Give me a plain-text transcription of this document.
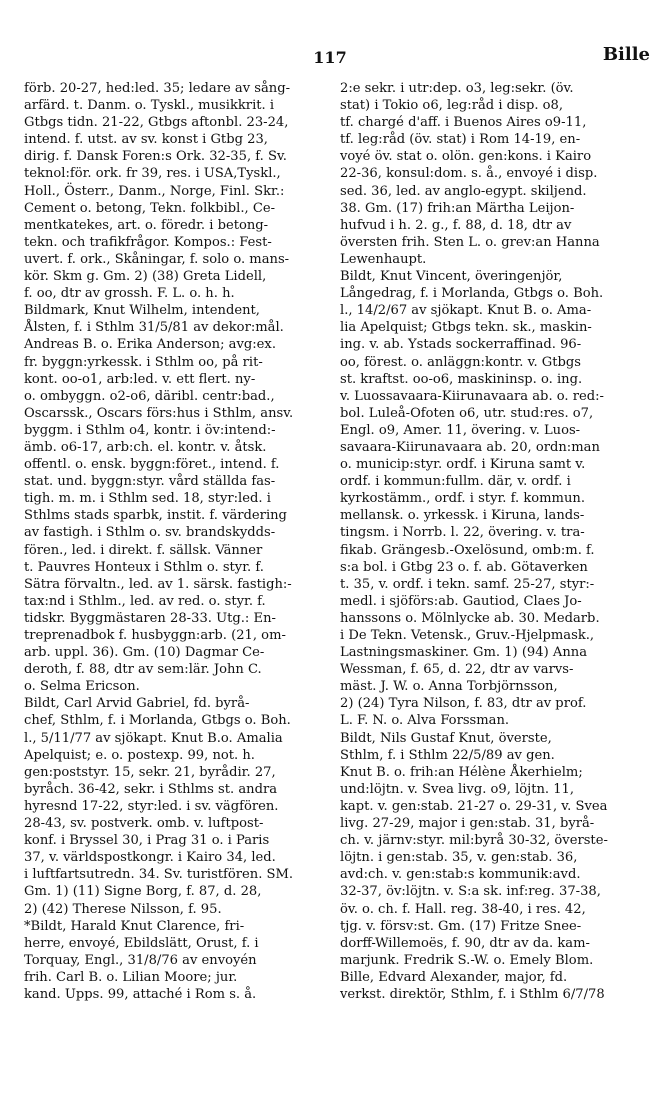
117	Bille

förb. 20-27, hed:led. 35; ledare av sång-

arfärd. t. Danm. o. Tyskl., musikkrit. i

Gtbgs tidn. 21-22, Gtbgs aftonbl. 23-24,

intend. f. utst. av sv. konst i Gtbg 23,

dirig. f. Dansk Foren:s Ork. 32-35, f. Sv.

teknol:för. ork. fr 39, res. i USA,Tyskl.,

Holl., Österr., Danm., Norge, Finl. Skr.:

Cement o. betong, Tekn. folkbibl., Ce-

mentkatekes, art. o. föredr. i betong-

tekn. och trafikfrågor. Kompos.: Fest-

uvert. f. ork., Skåningar, f. solo o. mans-

kör. Skm g. Gm. 2) (38) Greta Lidell,

f. oo, dtr av grossh. F. L. o. h. h.

Bildmark, Knut Wilhelm, intendent,

Ålsten, f. i Sthlm 31/5/81 av dekor:mål.

Andreas B. o. Erika Anderson; avg:ex.

fr. byggn:yrkessk. i Sthlm oo, på rit-

kont. oo-o1, arb:led. v. ett flert. ny-

o. ombyggn. o2-o6, däribl. centr:bad.,

Oscarssk., Oscars förs:hus i Sthlm, ansv.

byggm. i Sthlm o4, kontr. i öv:intend:-

ämb. o6-17, arb:ch. el. kontr. v. åtsk.

offentl. o. ensk. byggn:föret., intend. f.

stat. und. byggn:styr. vård ställda fas-

tigh. m. m. i Sthlm sed. 18, styr:led. i

Sthlms stads sparbk, instit. f. värdering

av fastigh. i Sthlm o. sv. brandskydds-

fören., led. i direkt. f. sällsk. Vänner

t. Pauvres Honteux i Sthlm o. styr. f.

Sätra förvaltn., led. av 1. särsk. fastigh:-

tax:nd i Sthlm., led. av red. o. styr. f.

tidskr. Byggmästaren 28-33. Utg.: En-

treprenadbok f. husbyggn:arb. (21, om-

arb. uppl. 36). Gm. (10) Dagmar Ce-

deroth, f. 88, dtr av sem:lär. John C.

o. Selma Ericson.

Bildt, Carl Arvid Gabriel, fd. byrå-

chef, Sthlm, f. i Morlanda, Gtbgs o. Boh.

l., 5/11/77 av sjökapt. Knut B.o. Amalia

Apelquist; e. o. postexp. 99, not. h.

gen:poststyr. 15, sekr. 21, byrådir. 27,

byråch. 36-42, sekr. i Sthlms st. andra

hyresnd 17-22, styr:led. i sv. vägfören.

28-43, sv. postverk. omb. v. luftpost-

konf. i Bryssel 30, i Prag 31 o. i Paris

37, v. världspostkongr. i Kairo 34, led.

i luftfartsutredn. 34. Sv. turistfören. SM.

Gm. 1) (11) Signe Borg, f. 87, d. 28,

2) (42) Therese Nilsson, f. 95.

*Bildt, Harald Knut Clarence, fri-

herre, envoyé, Ebildslätt, Orust, f. i

Torquay, Engl., 31/8/76 av envoyén

frih. Carl B. o. Lilian Moore; jur.

kand. Upps. 99, attaché i Rom s. å.

2:e sekr. i utr:dep. o3, leg:sekr. (öv.

stat) i Tokio o6, leg:råd i disp. o8,

tf. chargé d'aff. i Buenos Aires o9-11,

tf. leg:råd (öv. stat) i Rom 14-19, en-

voyé öv. stat o. olön. gen:kons. i Kairo

22-36, konsul:dom. s. å., envoyé i disp.

sed. 36, led. av anglo-egypt. skiljend.

38. Gm. (17) frih:an Märtha Leijon-

hufvud i h. 2. g., f. 88, d. 18, dtr av

översten frih. Sten L. o. grev:an Hanna

Lewenhaupt.

Bildt, Knut Vincent, överingenjör,

Långedrag, f. i Morlanda, Gtbgs o. Boh.

l., 14/2/67 av sjökapt. Knut B. o. Ama-

lia Apelquist; Gtbgs tekn. sk., maskin-

ing. v. ab. Ystads sockerraffinad. 96-

oo, förest. o. anläggn:kontr. v. Gtbgs

st. kraftst. oo-o6, maskininsp. o. ing.

v. Luossavaara-Kiirunavaara ab. o. red:-

bol. Luleå-Ofoten o6, utr. stud:res. o7,

Engl. o9, Amer. 11, övering. v. Luos-

savaara-Kiirunavaara ab. 20, ordn:man

o. municip:styr. ordf. i Kiruna samt v.

ordf. i kommun:fullm. där, v. ordf. i

kyrkostämm., ordf. i styr. f. kommun.

mellansk. o. yrkessk. i Kiruna, lands-

tingsm. i Norrb. l. 22, övering. v. tra-

fikab. Grängesb.-Oxelösund, omb:m. f.

s:a bol. i Gtbg 23 o. f. ab. Götaverken

t. 35, v. ordf. i tekn. samf. 25-27, styr:-

medl. i sjöförs:ab. Gautiod, Claes Jo-

hanssons o. Mölnlycke ab. 30. Medarb.

i De Tekn. Vetensk., Gruv.-Hjelpmask.,

Lastningsmaskiner. Gm. 1) (94) Anna

Wessman, f. 65, d. 22, dtr av varvs-

mäst. J. W. o. Anna Torbjörnsson,

2) (24) Tyra Nilson, f. 83, dtr av prof.

L. F. N. o. Alva Forssman.

Bildt, Nils Gustaf Knut, överste,

Sthlm, f. i Sthlm 22/5/89 av gen.

Knut B. o. frih:an Hélène Åkerhielm;

und:löjtn. v. Svea livg. o9, löjtn. 11,

kapt. v. gen:stab. 21-27 o. 29-31, v. Svea

livg. 27-29, major i gen:stab. 31, byrå-

ch. v. järnv:styr. mil:byrå 30-32, överste-

löjtn. i gen:stab. 35, v. gen:stab. 36,

avd:ch. v. gen:stab:s kommunik:avd.

32-37, öv:löjtn. v. S:a sk. inf:reg. 37-38,

öv. o. ch. f. Hall. reg. 38-40, i res. 42,

tjg. v. försv:st. Gm. (17) Fritze Snee-

dorff-Willemoës, f. 90, dtr av da. kam-

marjunk. Fredrik S.-W. o. Emely Blom.

Bille, Edvard Alexander, major, fd.

verkst. direktör, Sthlm, f. i Sthlm 6/7/78
